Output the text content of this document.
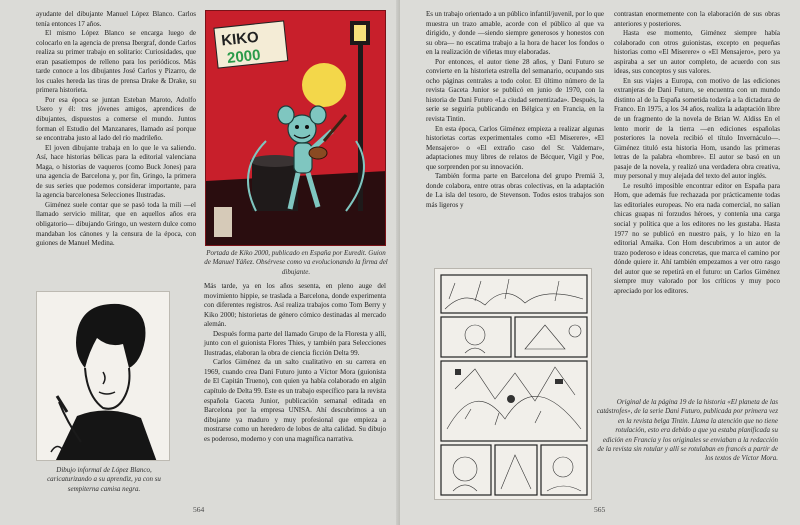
ayudante del dibujante Manuel López Blanco. Carlos tenía entonces 17 años.

El mismo López Blanco se encarga luego de colocarlo en la agencia de prensa Ibergraf, donde Carlos realiza su primer trabajo en solitario: Curiosidades, que eran pasatiempos de relleno para los periódicos. Más tarde conoce a los dibujantes José Carlos y Pizarro, de los cuales hereda las tiras de prensa Drake & Drake, su primera historieta.

Por esa época se juntan Esteban Maroto, Adolfo Usero y él: tres jóvenes amigos, aprendices de dibujantes, dispuestos a comerse el mundo. Juntos forman el Estudio del Manzanares, llamado así porque se encontraba justo al lado del río madrileño.

El joven dibujante trabaja en lo que le va saliendo. Así, hace historias bélicas para la editorial valenciana Maga, o historias de vaqueros (como Buck Jones) para una agencia de Barcelona y, por fin, Gringo, la primera de sus series que podemos considerar importante, para la agencia barcelonesa Selecciones Ilustradas.

Giménez suele contar que se pasó toda la mili —el llamado servicio militar, que en aquellos años era obligatorio— dibujando Gringo, un western dulce como mandaban los cánones y la censura de la época, con guiones de Manuel Medina.

KIKO
2000
Portada de Kiko 2000, publicado en España por Euredit. Guion de Manuel Yáñez. Obsérvese como va evolucionando la firma del dibujante.
Dibujo informal de López Blanco, caricaturizando a su aprendiz, ya con su sempiterna camisa negra.

Más tarde, ya en los años sesenta, en pleno auge del movimiento hippie, se traslada a Barcelona, donde experimenta con diferentes registros. Así realiza trabajos como Tom Berry y Kiko 2000; historietas de género cómico destinadas al mercado alemán.

Después forma parte del llamado Grupo de la Floresta y allí, junto con el guionista Flores Thies, y también para Selecciones Ilustradas, elaboran la obra de ciencia ficción Delta 99.

Carlos Giménez da un salto cualitativo en su carrera en 1969, cuando crea Dani Futuro junto a Víctor Mora (guionista de El Capitán Trueno), con quien ya había colaborado en algún capítulo de Delta 99. Este es un trabajo específico para la revista española Gaceta Junior, publicación semanal editada en Barcelona por la empresa UNISA. Ahí descubrimos a un dibujante ya maduro y muy profesional que empieza a mostrarse como un heredero de lobos de alta calidad. Su dibujo es poderoso, moderno y con una magnífica narrativa.

564

Es un trabajo orientado a un público infantil/juvenil, por lo que muestra un trazo amable, acorde con el público al que va dirigido, y donde —siendo siempre generosos y honestos con su obra— no escatima trabajo a la hora de hacer los fondos o en la realización de viñetas muy elaboradas.

Por entonces, el autor tiene 28 años, y Dani Futuro se convierte en la historieta estrella del semanario, ocupando sus ocho páginas centrales a todo color. El último número de la revista Gaceta Junior se publicó en junio de 1970, con la historia de Dani Futuro «La ciudad sementizada». Después, la serie se seguiría publicando en Bélgica y en Francia, en la revista Tintin.

En esta época, Carlos Giménez empieza a realizar algunas historietas cortas experimentales como «El Miserere», «El Mensajero» o «El extraño caso del Sr. Valdemar», adaptaciones muy libres de relatos de Bécquer, Vigil y Poe, que sorprenden por su innovación.

También forma parte en Barcelona del grupo Premiá 3, donde colabora, entre otras obras colectivas, en la adaptación de La isla del tesoro, de Stevenson. Todos estos trabajos son más ligeros y

contrastan enormemente con la elaboración de sus obras anteriores y posteriores.

Hasta ese momento, Giménez siempre había colaborado con otros guionistas, excepto en pequeñas historias como «El Miserere» o «El Mensajero», pero ya aspiraba a ser un autor completo, de acuerdo con sus ideas, sus conceptos y sus valores.

En sus viajes a Europa, con motivo de las ediciones extranjeras de Dani Futuro, se encuentra con un mundo distinto al de la España sometida todavía a la dictadura de Franco. En 1975, a los 34 años, realiza la adaptación libre de un fragmento de la novela de Brian W. Aldiss En el lento morir de la tierra —en ediciones españolas posteriores la novela recibió el título Invernáculo—. Giménez tituló esta historia Hom, usando las primeras letras de la palabra «hombre». El autor se basó en un pasaje de la novela, y realizó una verdadera obra creativa, muy personal y muy alejada del texto del autor inglés.

Le resultó imposible encontrar editor en España para Hom, que además fue rechazada por prácticamente todas las editoriales europeas. No era nada comercial, no salían chicas guapas ni forzudos héroes, y contenía una carga social y política que a los editores no les gustaba. Hasta 1977 no se publicó en nuestro país, y lo hizo en la editorial Amaika. Con Hom descubrimos a un autor de trazo poderoso e ideas concretas, que marca el camino por dónde quiere ir. Ahí también empezamos a ver otro rasgo del autor que se repetirá en el futuro: un Carlos Giménez siempre muy valorado por los críticos y muy poco apreciado por los editores.

Original de la página 19 de la historia «El planeta de las catástrofes», de la serie Dani Futuro, publicada por primera vez en la revista belga Tintin. Llama la atención que no tiene rotulación, esto era debido a que ya estaba planificada su edición en Francia y los originales se enviaban a la redacción de la revista sin rotular y allí se rotulaban en francés a partir de los textos de Víctor Mora.
565
